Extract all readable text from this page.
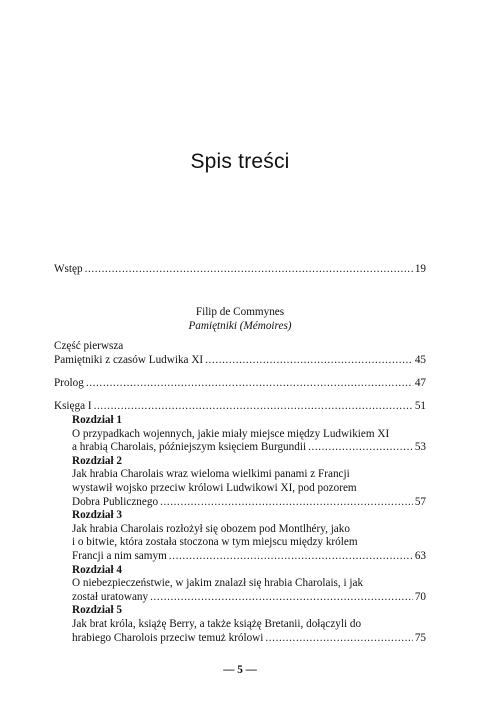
Spis treści
Wstęp .....	19
Filip de Commynes
Pamiętniki (Mémoires)
Część pierwsza
Pamiętniki z czasów Ludwika XI .....	45
Prolog .....	47
Księga I .....	51
Rozdział 1
O przypadkach wojennych, jakie miały miejsce między Ludwikiem XI
a hrabią Charolais, późniejszym księciem Burgundii .....	53
Rozdział 2
Jak hrabia Charolais wraz wieloma wielkimi panami z Francji
wystawił wojsko przeciw królowi Ludwikowi XI, pod pozorem
Dobra Publicznego .....	57
Rozdział 3
Jak hrabia Charolais rozłożył się obozem pod Montlhéry, jako
i o bitwie, która została stoczona w tym miejscu między królem
Francji a nim samym .....	63
Rozdział 4
O niebezpieczeństwie, w jakim znalazł się hrabia Charolais, i jak
został uratowany .....	70
Rozdział 5
Jak brat króla, książę Berry, a także książę Bretanii, dołączyli do
hrabiego Charolois przeciw temuż królowi .....	75
— 5 —
